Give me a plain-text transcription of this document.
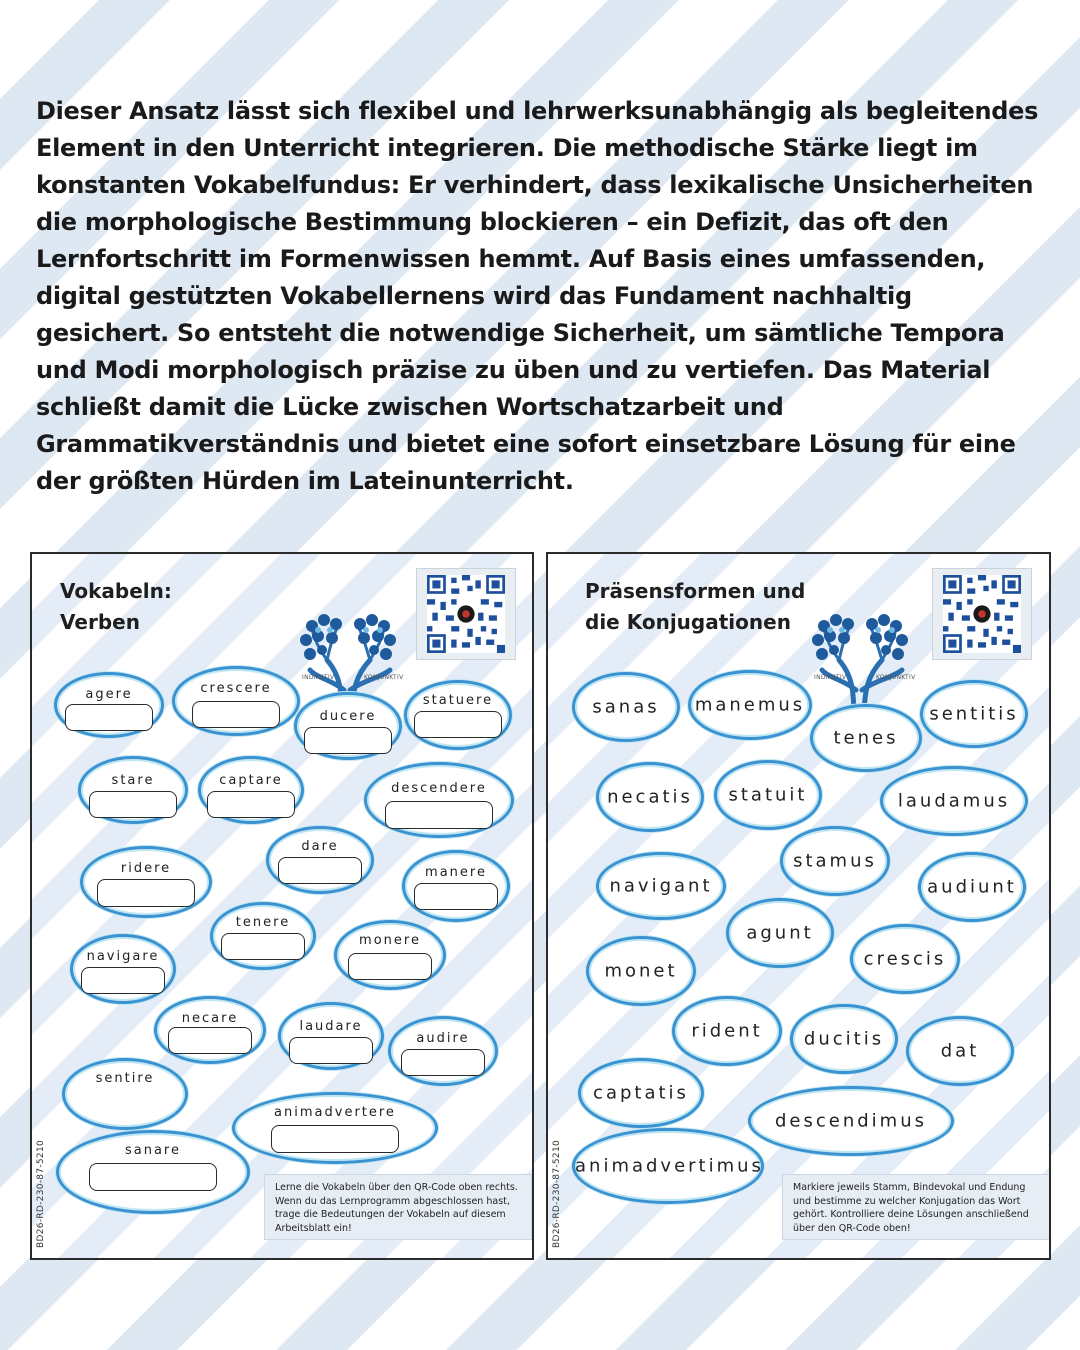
Dieser Ansatz lässt sich flexibel und lehrwerksunabhängig als begleitendes Element in den Unterricht integrieren. Die methodische Stärke liegt im konstanten Vokabelfundus: Er verhindert, dass lexikalische Unsicherheiten die morphologische Bestimmung blockieren – ein Defizit, das oft den Lernfortschritt im Formenwissen hemmt. Auf Basis eines umfassenden, digital gestützten Vokabellernens wird das Fundament nachhaltig gesichert. So entsteht die notwendige Sicherheit, um sämtliche Tempora und Modi morphologisch präzise zu üben und zu vertiefen. Das Material schließt damit die Lücke zwischen Wortschatzarbeit und Grammatikverständnis und bietet eine sofort einsetzbare Lösung für eine der größten Hürden im Lateinunterricht.
Vokabeln:
Verben
INDIKATIV	KONJUNKTIV
agere	crescere
ducere
statuere
stare	captare
descendere
dare
ridere	manere
tenere
monere
navigare
necare
laudare
audire
sentire
animadvertere
sanare
BD26-RD-230-87-5210	Lerne die Vokabeln über den QR-Code oben rechts. Wenn du das Lernprogramm abgeschlossen hast, trage die Bedeutungen der Vokabeln auf diesem Arbeitsblatt ein!
Präsensformen und
die Konjugationen
INDIKATIV	KONJUNKTIV
sanas	manemus
tenes
sentitis
necatis	statuit	laudamus
stamus
navigant	audiunt
agunt
crescis
monet
rident	ducitis
dat
captatis
descendimus
animadvertimus
BD26-RD-230-87-5210	Markiere jeweils Stamm, Bindevokal und Endung und bestimme zu welcher Konjugation das Wort gehört. Kontrolliere deine Lösungen anschließend über den QR-Code oben!
